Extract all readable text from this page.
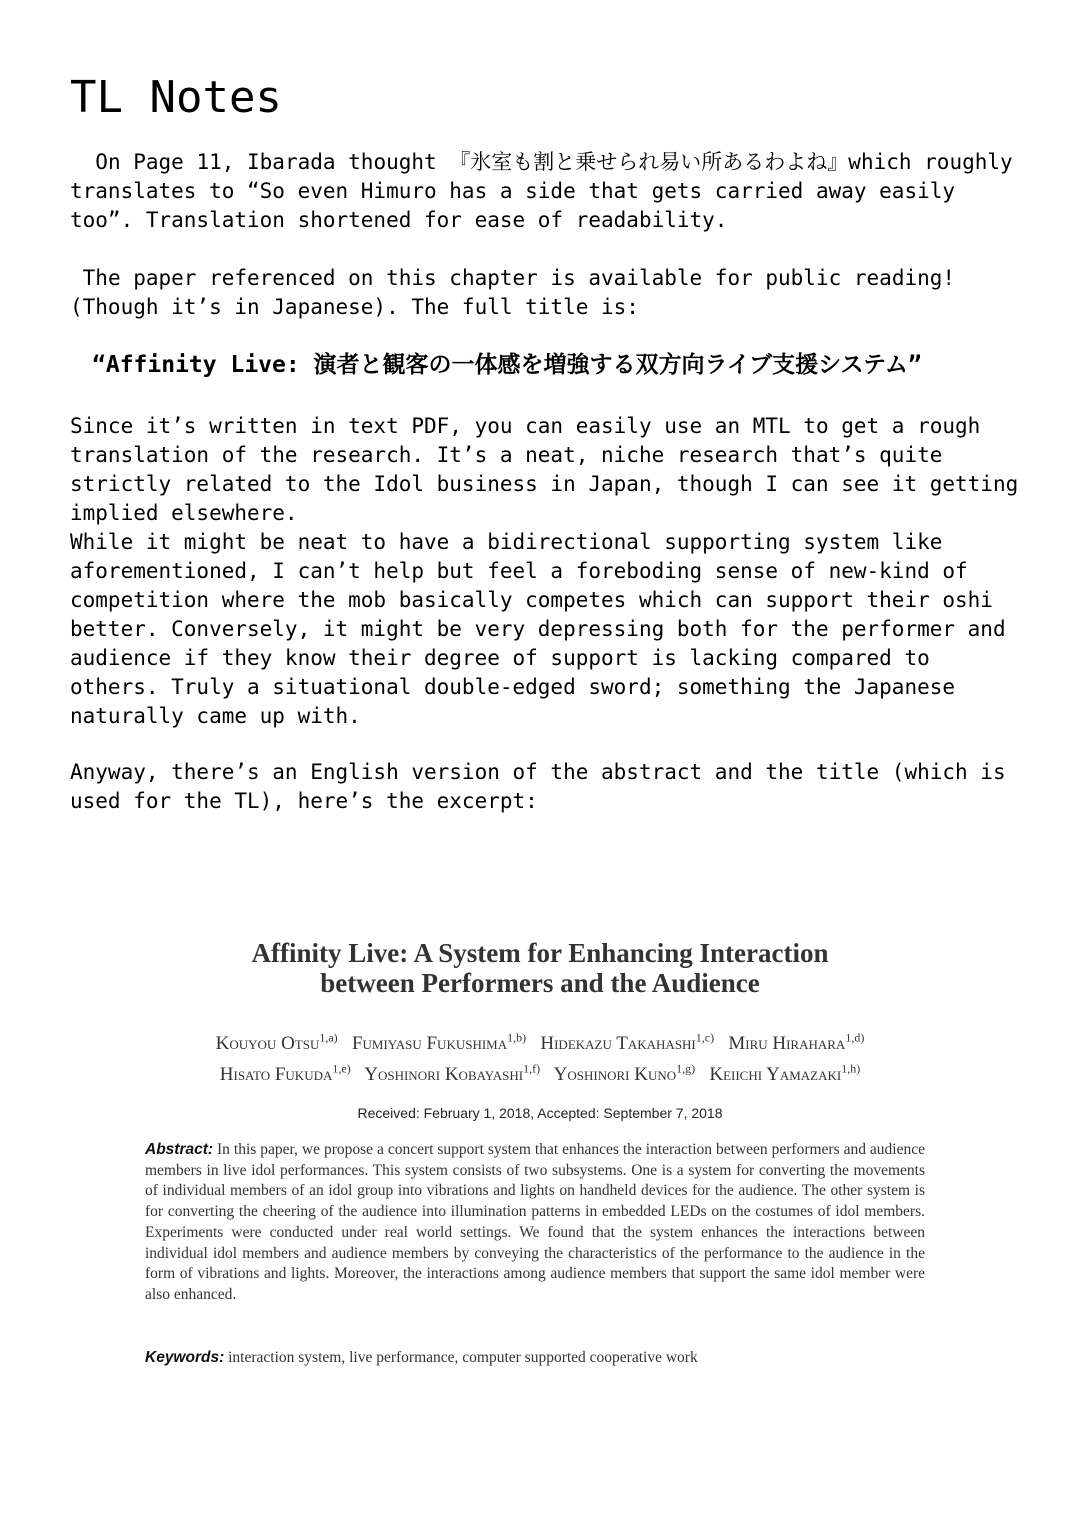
TL Notes

On Page 11, Ibarada thought 『氷室も割と乗せられ易い所あるわよね』which roughly translates to “So even Himuro has a side that gets carried away easily too”. Translation shortened for ease of readability.

The paper referenced on this chapter is available for public reading! (Though it’s in Japanese). The full title is:

“Affinity Live: 演者と観客の一体感を増強する双方向ライブ支援システム”

Since it’s written in text PDF, you can easily use an MTL to get a rough translation of the research. It’s a neat, niche research that’s quite strictly related to the Idol business in Japan, though I can see it getting implied elsewhere.

While it might be neat to have a bidirectional supporting system like aforementioned, I can’t help but feel a foreboding sense of new-kind of competition where the mob basically competes which can support their oshi better. Conversely, it might be very depressing both for the performer and audience if they know their degree of support is lacking compared to others. Truly a situational double-edged sword; something the Japanese naturally came up with.

Anyway, there’s an English version of the abstract and the title (which is used for the TL), here’s the excerpt:

Affinity Live: A System for Enhancing Interaction
between Performers and the Audience
Kouyou Otsu$^{1,a)}$ Fumiyasu Fukushima$^{1,b)}$ Hidekazu Takahashi$^{1,c)}$ Miru Hirahara$^{1,d)}$
Hisato Fukuda$^{1,e)}$ Yoshinori Kobayashi$^{1,f)}$ Yoshinori Kuno$^{1,g)}$ Keiichi Yamazaki$^{1,h)}$

Received: February 1, 2018, Accepted: September 7, 2018

Abstract: In this paper, we propose a concert support system that enhances the interaction between performers and audience members in live idol performances. This system consists of two subsystems. One is a system for converting the movements of individual members of an idol group into vibrations and lights on handheld devices for the audience. The other system is for converting the cheering of the audience into illumination patterns in embedded LEDs on the costumes of idol members. Experiments were conducted under real world settings. We found that the system enhances the interactions between individual idol members and audience members by conveying the characteristics of the performance to the audience in the form of vibrations and lights. Moreover, the interactions among audience members that support the same idol member were also enhanced.

Keywords: interaction system, live performance, computer supported cooperative work
